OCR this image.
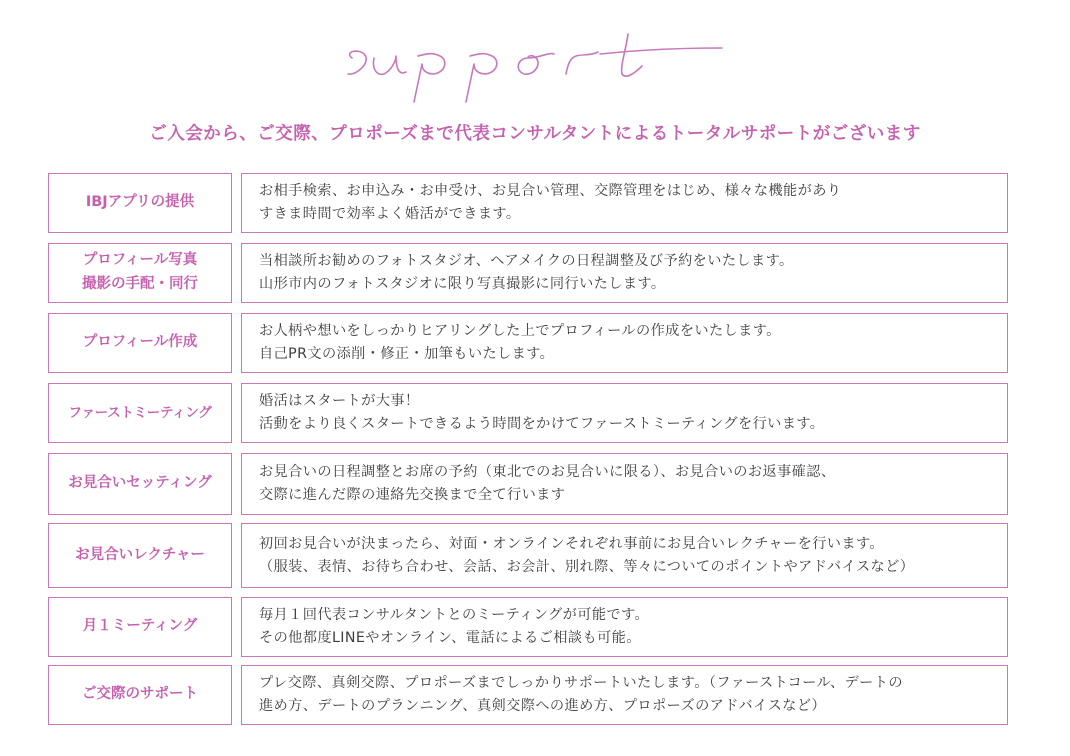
support
ご入会から、ご交際、プロポーズまで代表コンサルタントによるトータルサポートがございます
IBJアプリの提供
お相手検索、お申込み・お申受け、お見合い管理、交際管理をはじめ、様々な機能があり
すきま時間で効率よく婚活ができます。
プロフィール写真
撮影の手配・同行
当相談所お勧めのフォトスタジオ、ヘアメイクの日程調整及び予約をいたします。
山形市内のフォトスタジオに限り写真撮影に同行いたします。
プロフィール作成
お人柄や想いをしっかりヒアリングした上でプロフィールの作成をいたします。
自己PR文の添削・修正・加筆もいたします。
ファーストミーティング
婚活はスタートが大事！
活動をより良くスタートできるよう時間をかけてファーストミーティングを行います。
お見合いセッティング
お見合いの日程調整とお席の予約（東北でのお見合いに限る）、お見合いのお返事確認、
交際に進んだ際の連絡先交換まで全て行います
お見合いレクチャー
初回お見合いが決まったら、対面・オンラインそれぞれ事前にお見合いレクチャーを行います。
（服装、表情、お待ち合わせ、会話、お会計、別れ際、等々についてのポイントやアドバイスなど）
月１ミーティング
毎月１回代表コンサルタントとのミーティングが可能です。
その他都度LINEやオンライン、電話によるご相談も可能。
ご交際のサポート
プレ交際、真剣交際、プロポーズまでしっかりサポートいたします。（ファーストコール、デートの
進め方、デートのプランニング、真剣交際への進め方、プロポーズのアドバイスなど）
